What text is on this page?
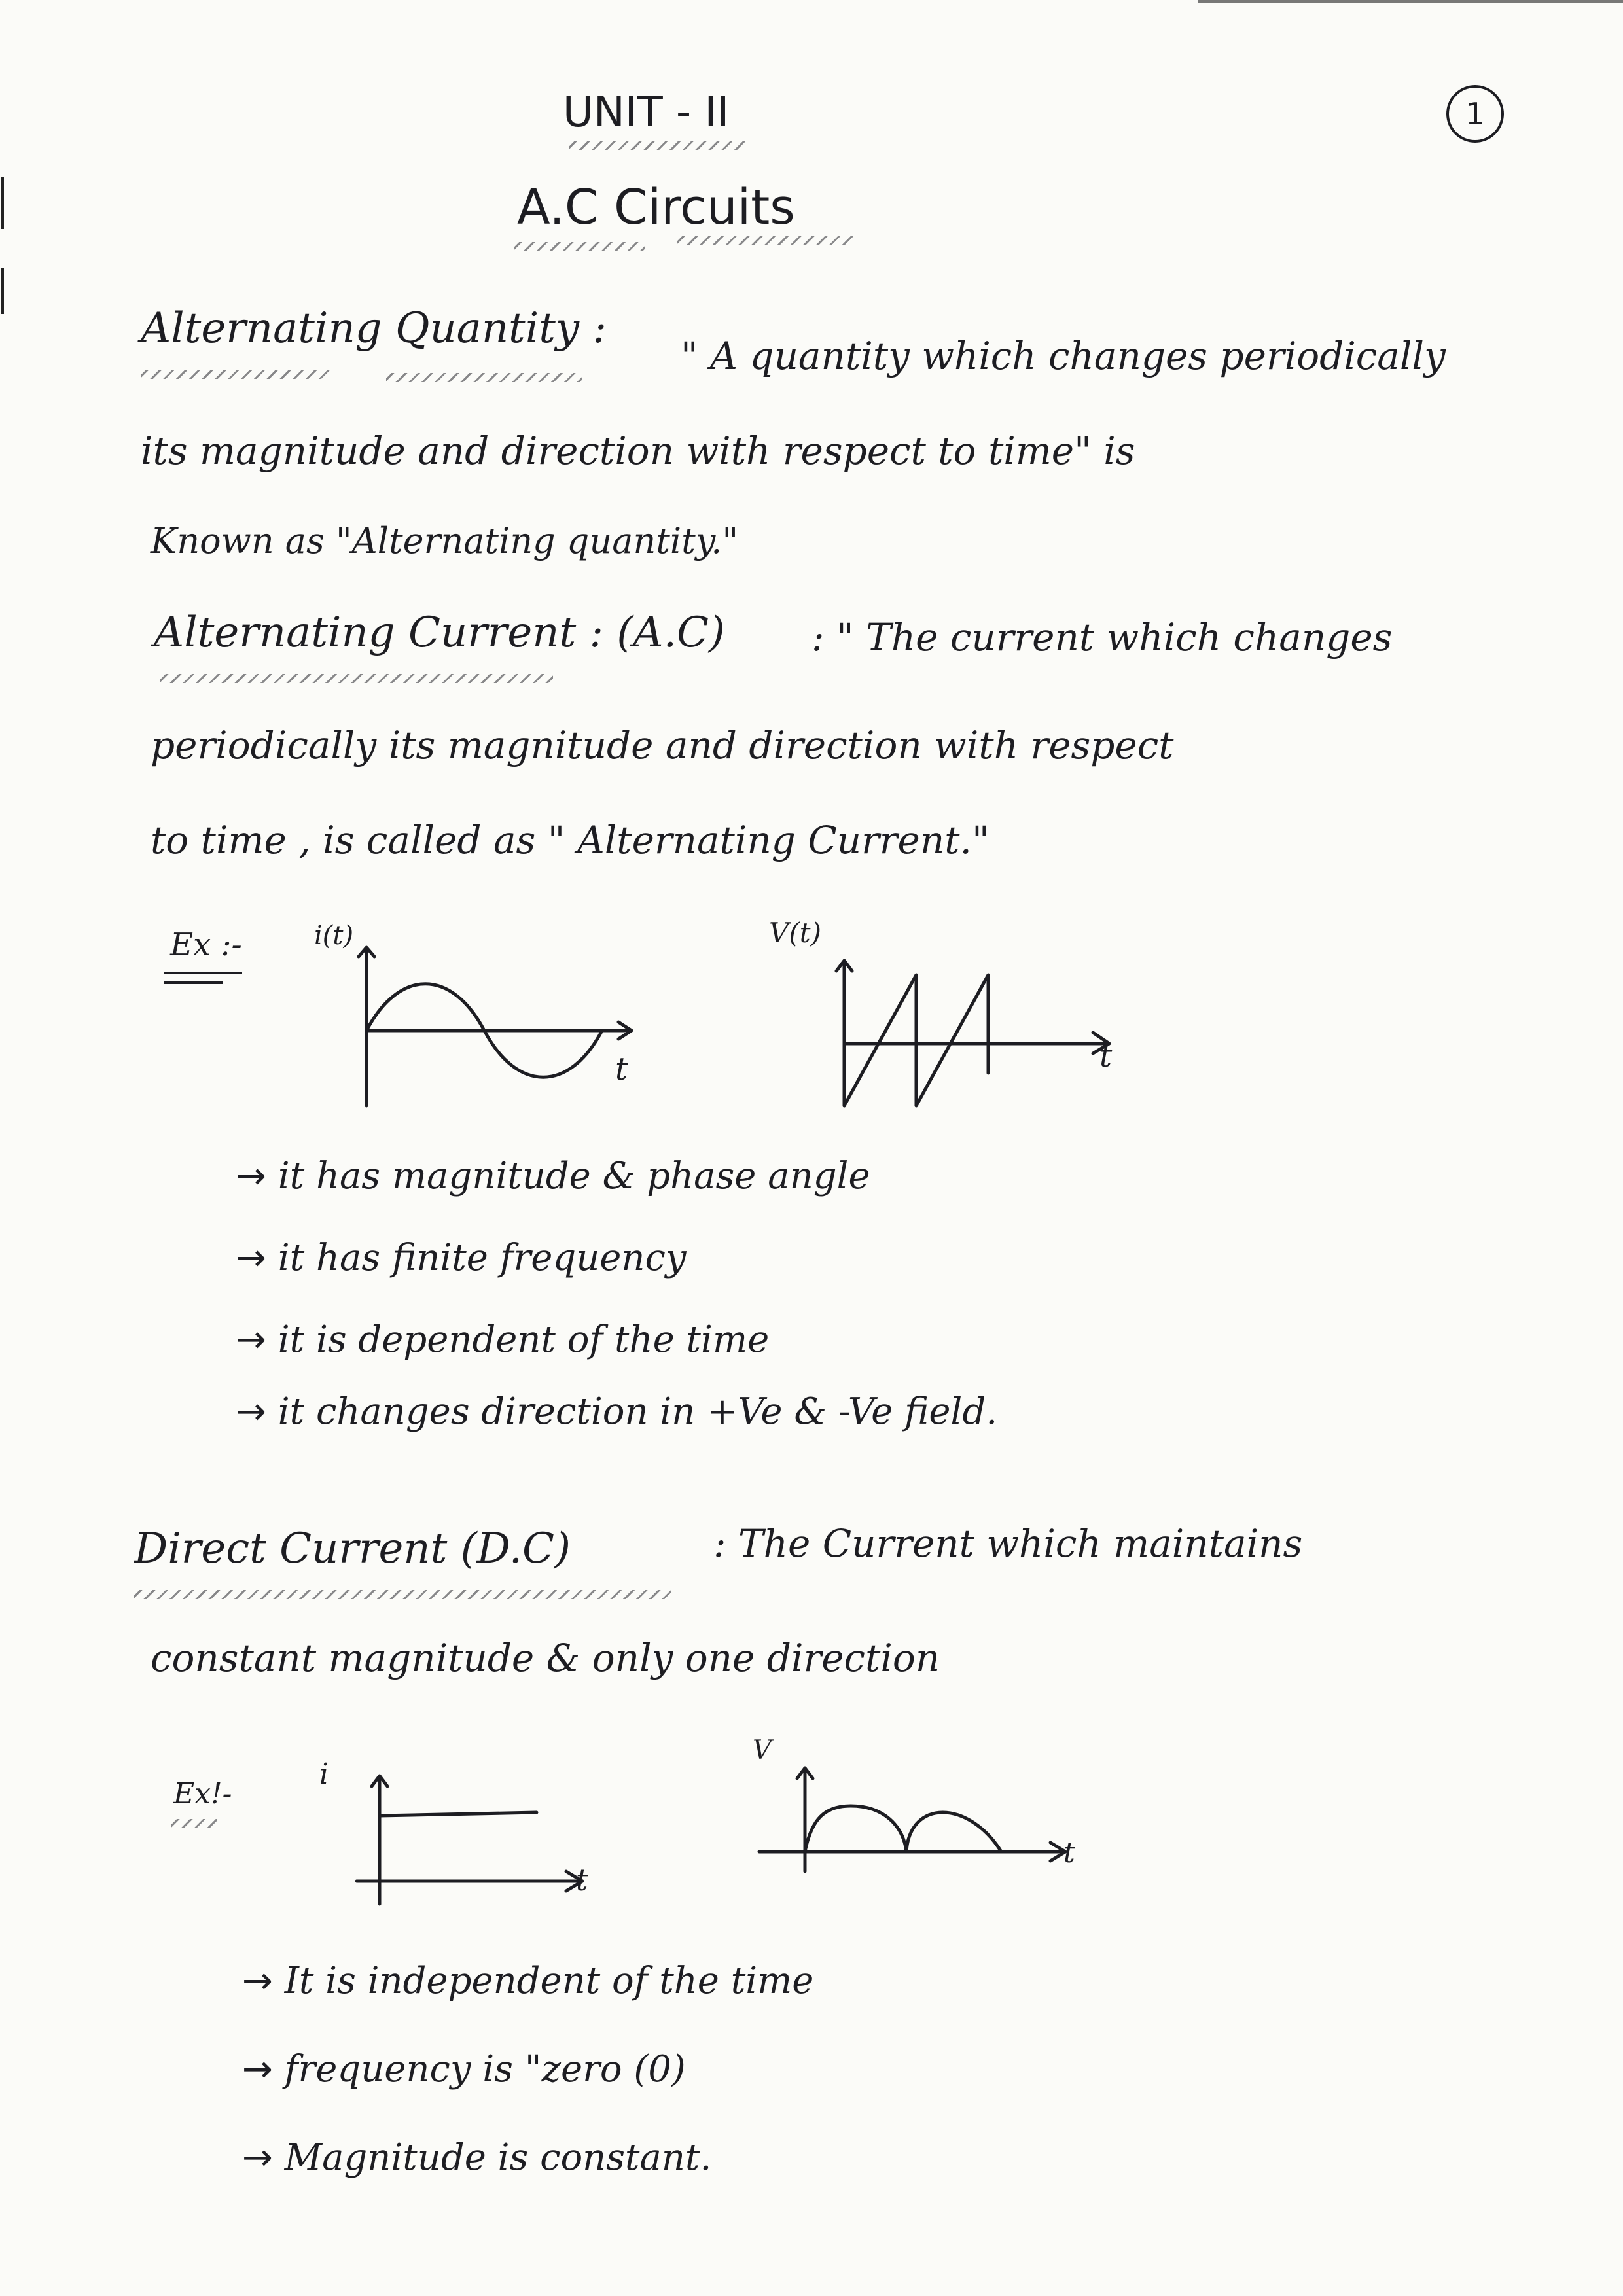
UNIT - II	1
A.C Circuits
Alternating Quantity :
" A quantity which changes periodically
its magnitude and direction with respect to time" is
Known as "Alternating quantity."
Alternating Current : (A.C) : " The current which changes
periodically its magnitude and direction with respect
to time , is called as " Alternating Current."
Ex :-	i(t)
t
V(t)
t
→ it has magnitude & phase angle
→ it has finite frequency
→ it is dependent of the time
→ it changes direction in +Ve & -Ve field.
Direct Current (D.C)	: The Current which maintains
constant magnitude & only one direction
Ex!-
i
t
V
t
→ It is independent of the time
→ frequency is "zero (0)
→ Magnitude is constant.
